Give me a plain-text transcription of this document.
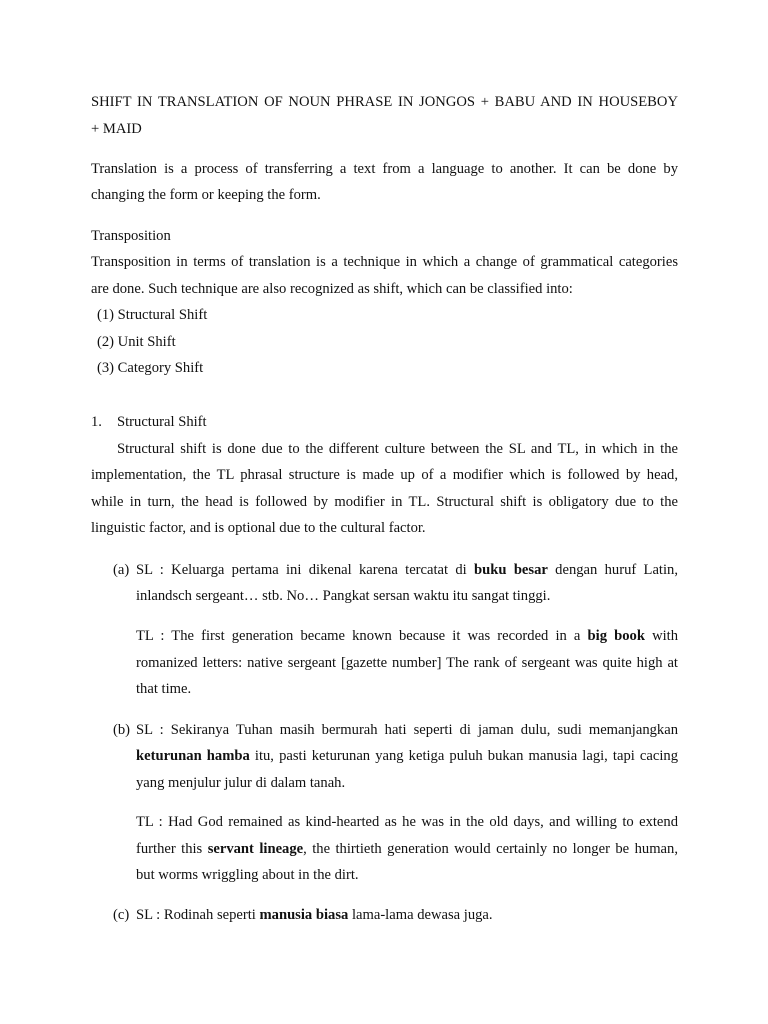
SHIFT IN TRANSLATION OF NOUN PHRASE IN JONGOS + BABU AND IN HOUSEBOY
+ MAID
Translation is a process of transferring a text from a language to another. It can be done by
changing the form or keeping the form.
Transposition
Transposition in terms of translation is a technique in which a change of grammatical categories
are done. Such technique are also recognized as shift, which can be classified into:
(1) Structural Shift
(2) Unit Shift
(3) Category Shift
1. Structural Shift
Structural shift is done due to the different culture between the SL and TL, in which in the
implementation, the TL phrasal structure is made up of a modifier which is followed by head,
while in turn, the head is followed by modifier in TL. Structural shift is obligatory due to the
linguistic factor, and is optional due to the cultural factor.
(a) SL : Keluarga pertama ini dikenal karena tercatat di buku besar dengan huruf Latin,
inlandsch sergeant… stb. No… Pangkat sersan waktu itu sangat tinggi.
TL : The first generation became known because it was recorded in a big book with
romanized letters: native sergeant [gazette number] The rank of sergeant was quite high at
that time.
(b) SL : Sekiranya Tuhan masih bermurah hati seperti di jaman dulu, sudi memanjangkan
keturunan hamba itu, pasti keturunan yang ketiga puluh bukan manusia lagi, tapi cacing
yang menjulur julur di dalam tanah.
TL : Had God remained as kind-hearted as he was in the old days, and willing to extend
further this servant lineage, the thirtieth generation would certainly no longer be human,
but worms wriggling about in the dirt.
(c) SL : Rodinah seperti manusia biasa lama-lama dewasa juga.
